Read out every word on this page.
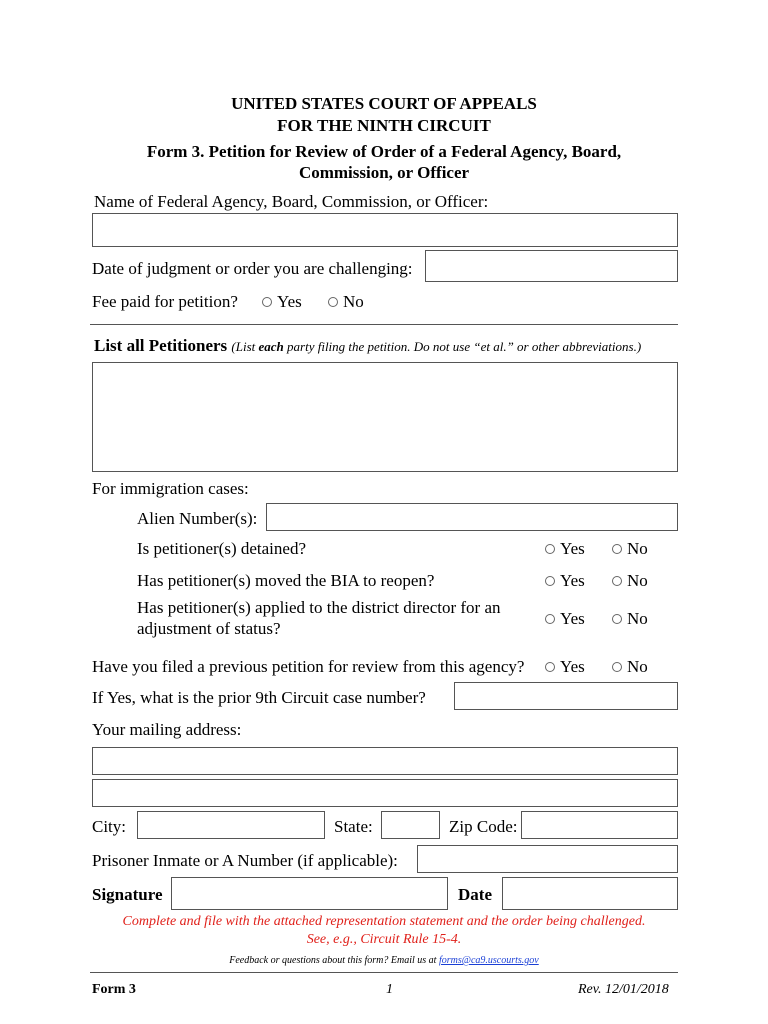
UNITED STATES COURT OF APPEALS
FOR THE NINTH CIRCUIT
Form 3. Petition for Review of Order of a Federal Agency, Board,
Commission, or Officer
Name of Federal Agency, Board, Commission, or Officer:
Date of judgment or order you are challenging:
Fee paid for petition?	Yes	No
List all Petitioners (List each party filing the petition. Do not use “et al.” or other abbreviations.)
For immigration cases:
Alien Number(s):
Is petitioner(s) detained?	Yes	No
Has petitioner(s) moved the BIA to reopen?	Yes	No
Has petitioner(s) applied to the district director for an
adjustment of status?
Yes	No
Have you filed a previous petition for review from this agency?	Yes	No
If Yes, what is the prior 9th Circuit case number?
Your mailing address:
City:	State:	Zip Code:
Prisoner Inmate or A Number (if applicable):
Signature	Date
Complete and file with the attached representation statement and the order being challenged.
See, e.g., Circuit Rule 15-4.
Feedback or questions about this form? Email us at forms@ca9.uscourts.gov
Form 3	1	Rev. 12/01/2018
